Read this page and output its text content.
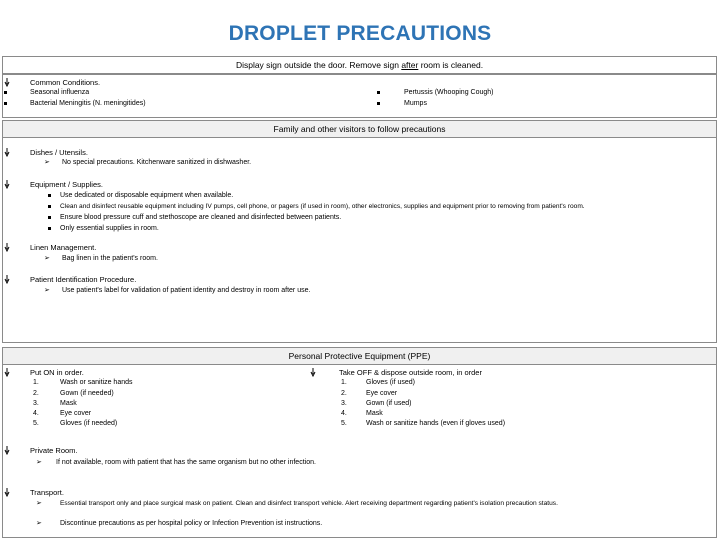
DROPLET PRECAUTIONS
Display sign outside the door. Remove sign after room is cleaned.
Common Conditions.
Seasonal influenza
Bacterial Meningitis (N. meningitides)
Pertussis (Whooping Cough)
Mumps
Family and other visitors to follow precautions
Dishes / Utensils.
➢ No special precautions. Kitchenware sanitized in dishwasher.
Equipment / Supplies.
Use dedicated or disposable equipment when available.
Clean and disinfect reusable equipment including IV pumps, cell phone, or pagers (if used in room), other electronics, supplies and equipment prior to removing from patient's room.
Ensure blood pressure cuff and stethoscope are cleaned and disinfected between patients.
Only essential supplies in room.
Linen Management.
➢ Bag linen in the patient's room.
Patient Identification Procedure.
➢ Use patient's label for validation of patient identity and destroy in room after use.
Personal Protective Equipment (PPE)
Put ON in order.
1.	Wash or sanitize hands
2.	Gown (if needed)
3.	Mask
4.	Eye cover
5.	Gloves (if needed)
Take OFF & dispose outside room, in order
1.	Gloves (if used)
2.	Eye cover
3.	Gown (if used)
4.	Mask
5.	Wash or sanitize hands (even if gloves used)
Private Room.
➢ If not available, room with patient that has the same organism but no other infection.
Transport.
➢	Essential transport only and place surgical mask on patient. Clean and disinfect transport vehicle. Alert receiving department regarding patient's isolation precaution status.
➢	Discontinue precautions as per hospital policy or Infection Prevention ist instructions.
